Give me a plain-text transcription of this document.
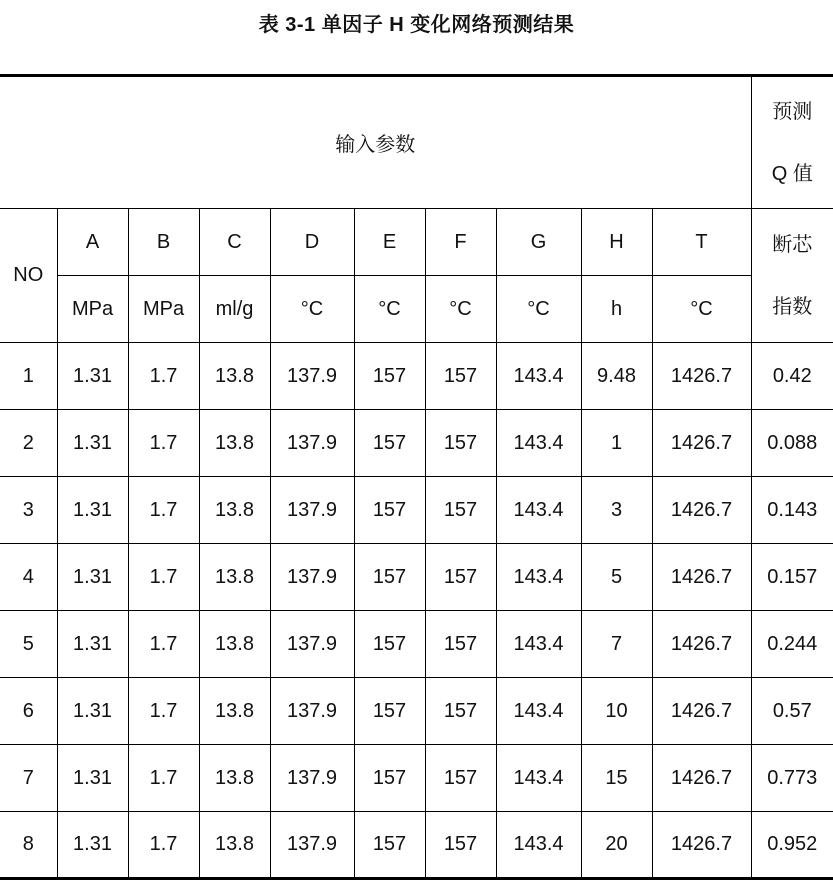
表 3-1 单因子 H 变化网络预测结果
输入参数										预测
Q 值

NO	A	B	C	D	E	F	G	H	T	断芯
指数

	MPa	MPa	ml/g	°C	°C	°C	°C	h	°C	
1	1.31	1.7	13.8	137.9	157	157	143.4	9.48	1426.7	0.42
2	1.31	1.7	13.8	137.9	157	157	143.4	1	1426.7	0.088
3	1.31	1.7	13.8	137.9	157	157	143.4	3	1426.7	0.143
4	1.31	1.7	13.8	137.9	157	157	143.4	5	1426.7	0.157
5	1.31	1.7	13.8	137.9	157	157	143.4	7	1426.7	0.244
6	1.31	1.7	13.8	137.9	157	157	143.4	10	1426.7	0.57
7	1.31	1.7	13.8	137.9	157	157	143.4	15	1426.7	0.773
8	1.31	1.7	13.8	137.9	157	157	143.4	20	1426.7	0.952
